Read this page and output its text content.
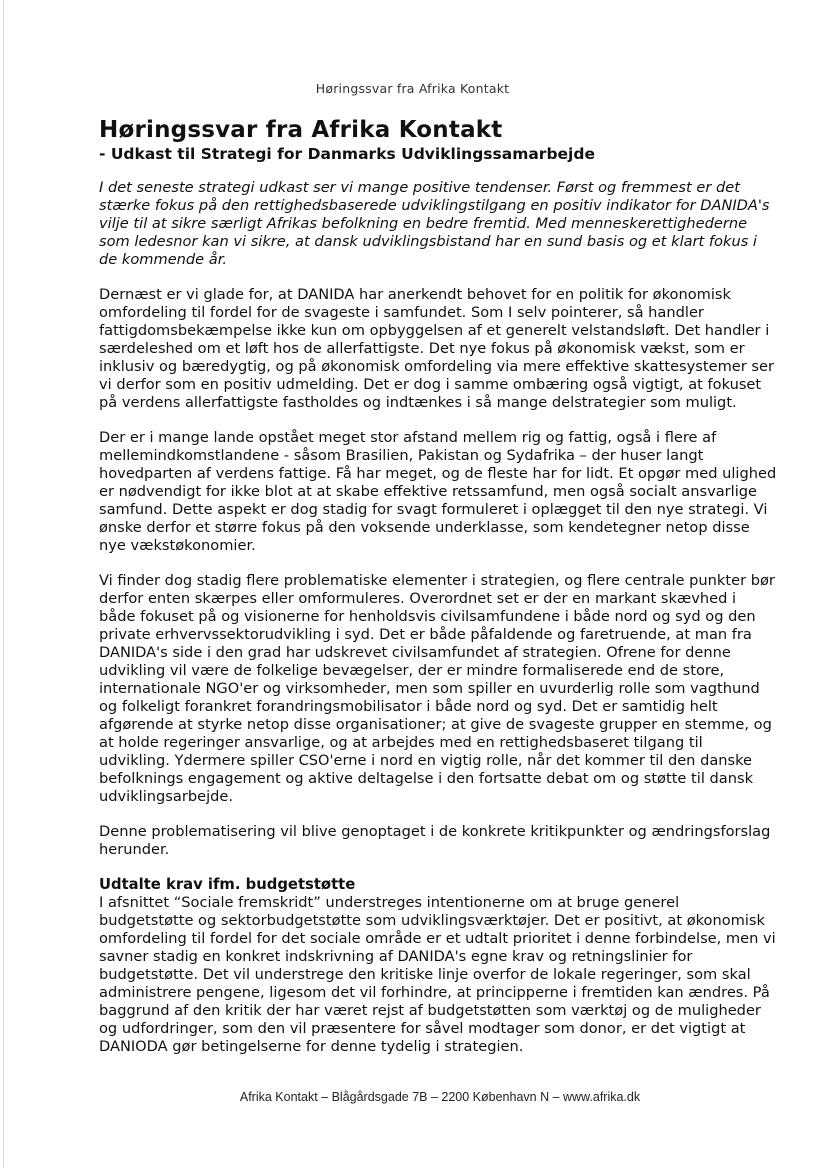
Høringssvar fra Afrika Kontakt
Høringssvar fra Afrika Kontakt
- Udkast til Strategi for Danmarks Udviklingssamarbejde

I det seneste strategi udkast ser vi mange positive tendenser. Først og fremmest er det stærke fokus på den rettighedsbaserede udviklingstilgang en positiv indikator for DANIDA's vilje til at sikre særligt Afrikas befolkning en bedre fremtid. Med menneskerettighederne som ledesnor kan vi sikre, at dansk udviklingsbistand har en sund basis og et klart fokus i de kommende år.

Dernæst er vi glade for, at DANIDA har anerkendt behovet for en politik for økonomisk omfordeling til fordel for de svageste i samfundet. Som I selv pointerer, så handler fattigdomsbekæmpelse ikke kun om opbyggelsen af et generelt velstandsløft. Det handler i særdeleshed om et løft hos de allerfattigste. Det nye fokus på økonomisk vækst, som er inklusiv og bæredygtig, og på økonomisk omfordeling via mere effektive skattesystemer ser vi derfor som en positiv udmelding. Det er dog i samme ombæring også vigtigt, at fokuset på verdens allerfattigste fastholdes og indtænkes i så mange delstrategier som muligt.

Der er i mange lande opstået meget stor afstand mellem rig og fattig, også i flere af mellemindkomstlandene - såsom Brasilien, Pakistan og Sydafrika – der huser langt hovedparten af verdens fattige. Få har meget, og de fleste har for lidt. Et opgør med ulighed er nødvendigt for ikke blot at at skabe effektive retssamfund, men også socialt ansvarlige samfund. Dette aspekt er dog stadig for svagt formuleret i oplægget til den nye strategi. Vi ønske derfor et større fokus på den voksende underklasse, som kendetegner netop disse nye vækstøkonomier.

Vi finder dog stadig flere problematiske elementer i strategien, og flere centrale punkter bør derfor enten skærpes eller omformuleres. Overordnet set er der en markant skævhed i både fokuset på og visionerne for henholdsvis civilsamfundene i både nord og syd og den private erhvervssektorudvikling i syd. Det er både påfaldende og faretruende, at man fra DANIDA's side i den grad har udskrevet civilsamfundet af strategien. Ofrene for denne udvikling vil være de folkelige bevægelser, der er mindre formaliserede end de store, internationale NGO'er og virksomheder, men som spiller en uvurderlig rolle som vagthund og folkeligt forankret forandringsmobilisator i både nord og syd. Det er samtidig helt afgørende at styrke netop disse organisationer; at give de svageste grupper en stemme, og at holde regeringer ansvarlige, og at arbejdes med en rettighedsbaseret tilgang til udvikling. Ydermere spiller CSO'erne i nord en vigtig rolle, når det kommer til den danske befolknings engagement og aktive deltagelse i den fortsatte debat om og støtte til dansk udviklingsarbejde.

Denne problematisering vil blive genoptaget i de konkrete kritikpunkter og ændringsforslag herunder.

Udtalte krav ifm. budgetstøtte

I afsnittet “Sociale fremskridt” understreges intentionerne om at bruge generel budgetstøtte og sektorbudgetstøtte som udviklingsværktøjer. Det er positivt, at økonomisk omfordeling til fordel for det sociale område er et udtalt prioritet i denne forbindelse, men vi savner stadig en konkret indskrivning af DANIDA's egne krav og retningslinier for budgetstøtte. Det vil understrege den kritiske linje overfor de lokale regeringer, som skal administrere pengene, ligesom det vil forhindre, at principperne i fremtiden kan ændres. På baggrund af den kritik der har været rejst af budgetstøtten som værktøj og de muligheder og udfordringer, som den vil præsentere for såvel modtager som donor, er det vigtigt at DANIODA gør betingelserne for denne tydelig i strategien.

Afrika Kontakt – Blågårdsgade 7B – 2200 København N – www.afrika.dk
